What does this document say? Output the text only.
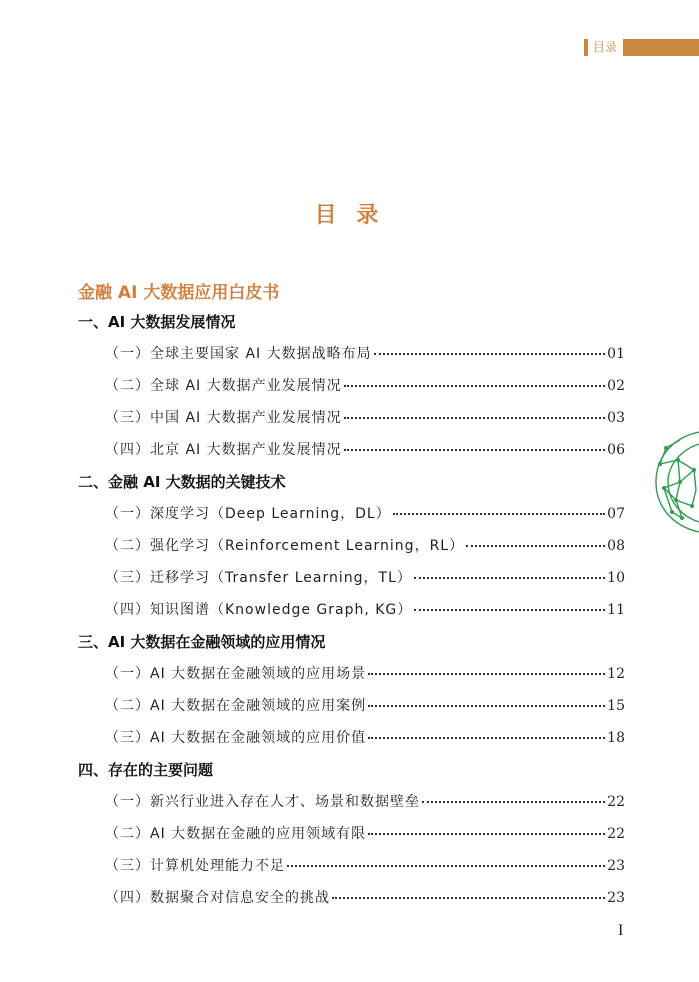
目录
目 录
金融 AI 大数据应用白皮书
一、AI 大数据发展情况
（一）全球主要国家 AI 大数据战略布局	01
（二）全球 AI 大数据产业发展情况	02
（三）中国 AI 大数据产业发展情况	03
（四）北京 AI 大数据产业发展情况	06
二、金融 AI 大数据的关键技术
（一）深度学习（Deep Learning，DL）	07
（二）强化学习（Reinforcement Learning，RL）	08
（三）迁移学习（Transfer Learning，TL）	10
（四）知识图谱（Knowledge Graph, KG）	11
三、AI 大数据在金融领域的应用情况
（一）AI 大数据在金融领域的应用场景	12
（二）AI 大数据在金融领域的应用案例	15
（三）AI 大数据在金融领域的应用价值	18
四、存在的主要问题
（一）新兴行业进入存在人才、场景和数据壁垒	22
（二）AI 大数据在金融的应用领域有限	22
（三）计算机处理能力不足	23
（四）数据聚合对信息安全的挑战	23
I
